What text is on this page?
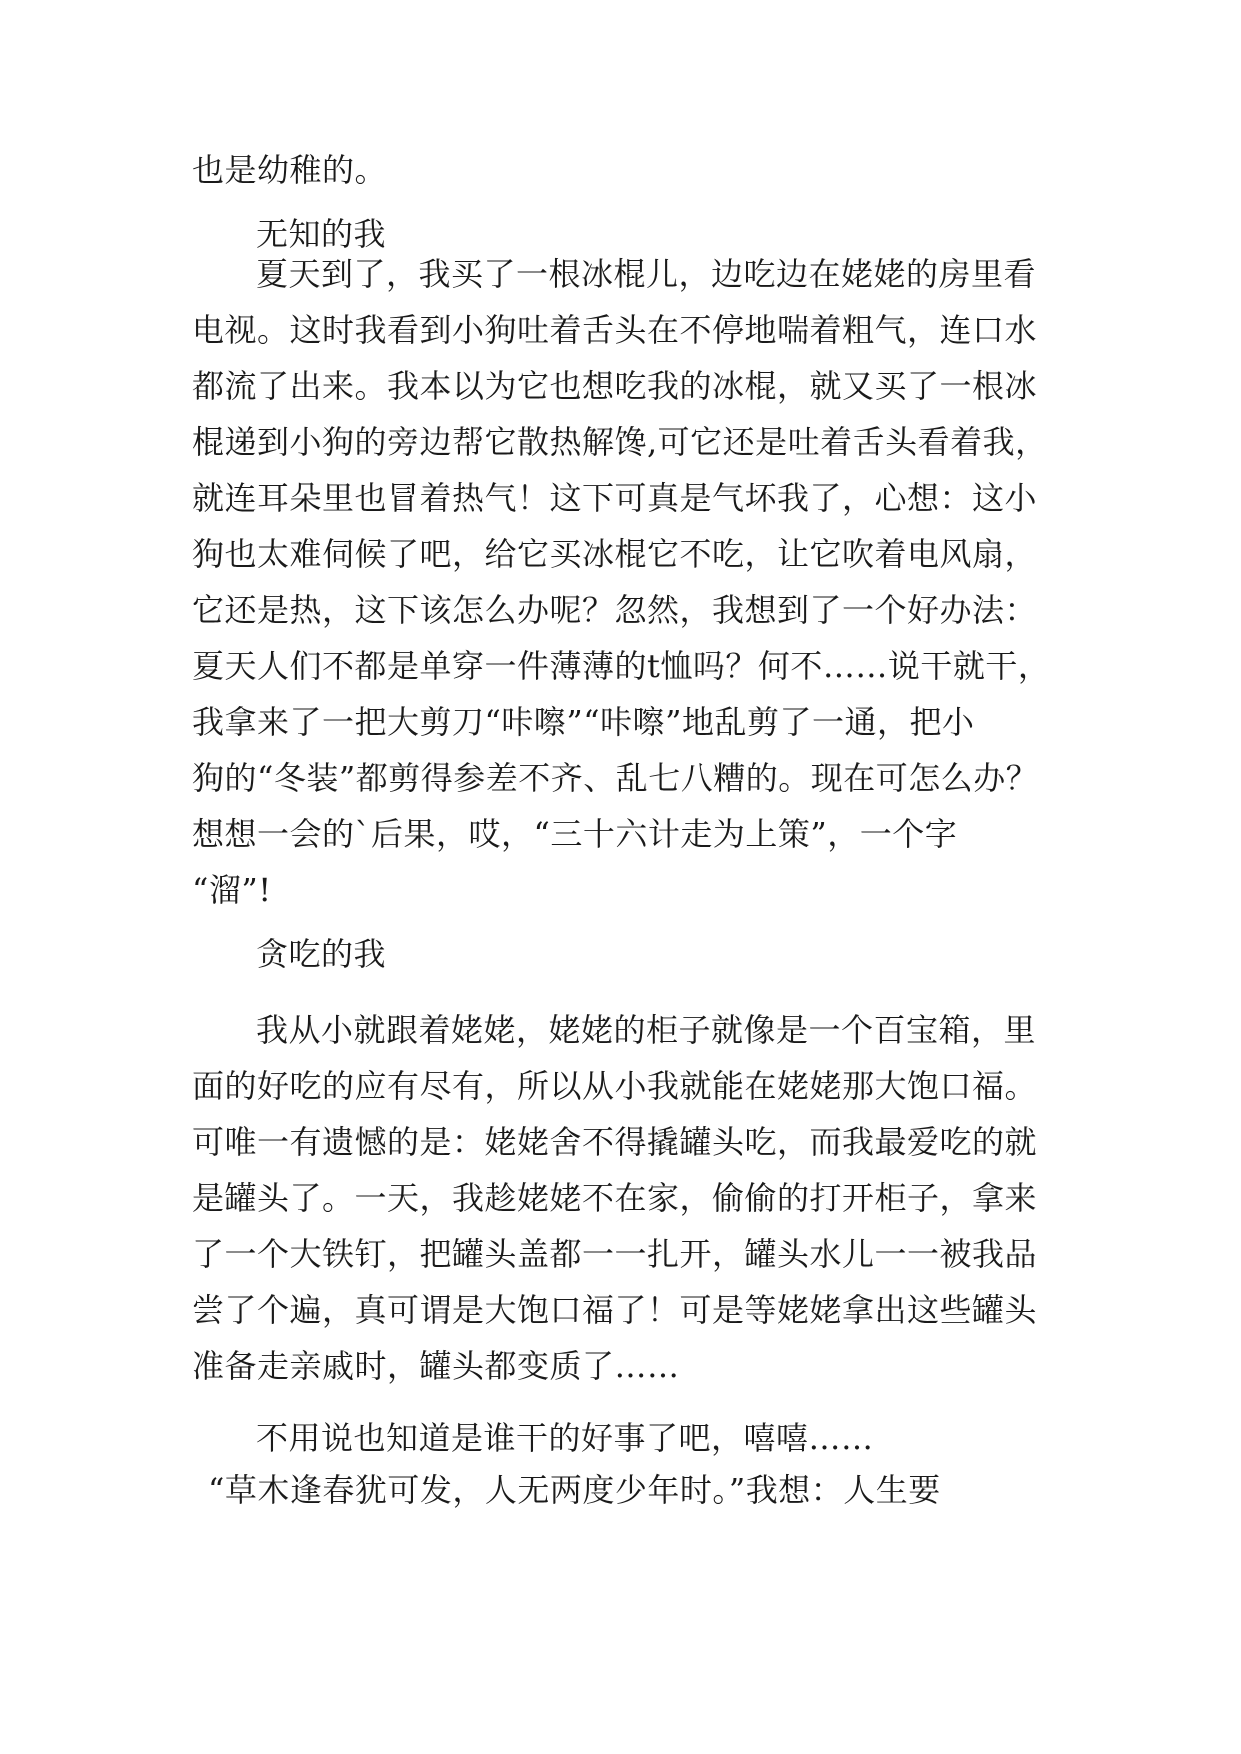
也是幼稚的。
无知的我
夏天到了，我买了一根冰棍儿，边吃边在姥姥的房里看
电视。这时我看到小狗吐着舌头在不停地喘着粗气，连口水
都流了出来。我本以为它也想吃我的冰棍，就又买了一根冰
棍递到小狗的旁边帮它散热解馋,可它还是吐着舌头看着我，
就连耳朵里也冒着热气！这下可真是气坏我了，心想：这小
狗也太难伺候了吧，给它买冰棍它不吃，让它吹着电风扇，
它还是热，这下该怎么办呢？忽然，我想到了一个好办法：
夏天人们不都是单穿一件薄薄的t恤吗？何不……说干就干，
我拿来了一把大剪刀“咔嚓”“咔嚓”地乱剪了一通，把小
狗的“冬装”都剪得参差不齐、乱七八糟的。现在可怎么办？
想想一会的`后果，哎，“三十六计走为上策”，一个字
“溜”!
贪吃的我
我从小就跟着姥姥，姥姥的柜子就像是一个百宝箱，里
面的好吃的应有尽有，所以从小我就能在姥姥那大饱口福。
可唯一有遗憾的是：姥姥舍不得撬罐头吃，而我最爱吃的就
是罐头了。一天，我趁姥姥不在家，偷偷的打开柜子，拿来
了一个大铁钉，把罐头盖都一一扎开，罐头水儿一一被我品
尝了个遍，真可谓是大饱口福了！可是等姥姥拿出这些罐头
准备走亲戚时，罐头都变质了……
不用说也知道是谁干的好事了吧，嘻嘻……
“草木逢春犹可发，人无两度少年时。”我想：人生要
